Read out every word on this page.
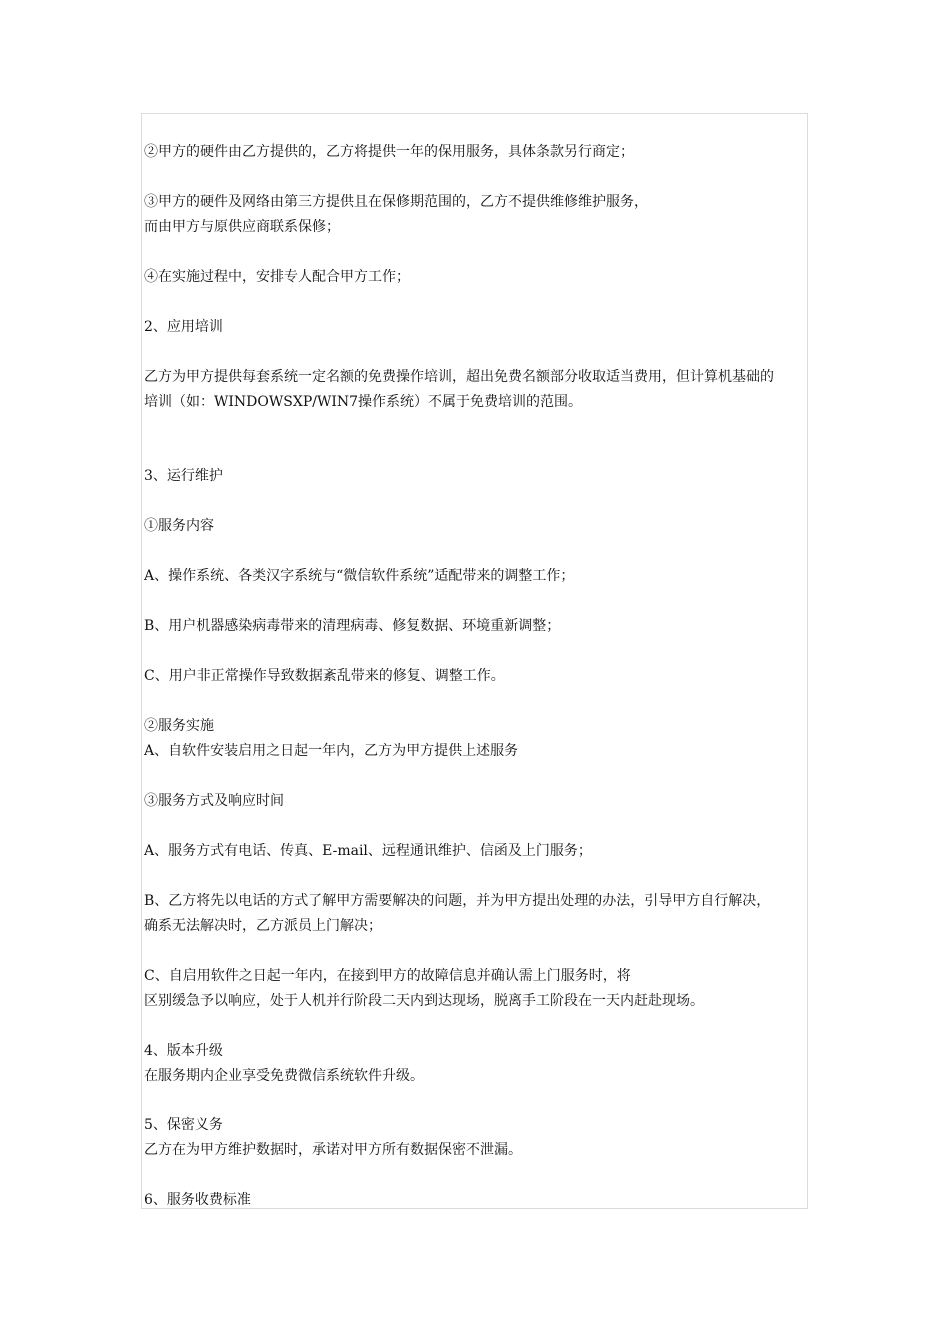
②甲方的硬件由乙方提供的，乙方将提供一年的保用服务，具体条款另行商定；
③甲方的硬件及网络由第三方提供且在保修期范围的，乙方不提供维修维护服务，
而由甲方与原供应商联系保修；
④在实施过程中，安排专人配合甲方工作；
2、应用培训
乙方为甲方提供每套系统一定名额的免费操作培训，超出免费名额部分收取适当费用，但计算机基础的
培训（如：WINDOWSXP/WIN7操作系统）不属于免费培训的范围。
3、运行维护
①服务内容
A、操作系统、各类汉字系统与“微信软件系统”适配带来的调整工作；
B、用户机器感染病毒带来的清理病毒、修复数据、环境重新调整；
C、用户非正常操作导致数据紊乱带来的修复、调整工作。
②服务实施
A、自软件安装启用之日起一年内，乙方为甲方提供上述服务
③服务方式及响应时间
A、服务方式有电话、传真、E-mail、远程通讯维护、信函及上门服务；
B、乙方将先以电话的方式了解甲方需要解决的问题，并为甲方提出处理的办法，引导甲方自行解决，
确系无法解决时，乙方派员上门解决；
C、自启用软件之日起一年内，在接到甲方的故障信息并确认需上门服务时，将
区别缓急予以响应，处于人机并行阶段二天内到达现场，脱离手工阶段在一天内赶赴现场。
4、版本升级
在服务期内企业享受免费微信系统软件升级。
5、保密义务
乙方在为甲方维护数据时，承诺对甲方所有数据保密不泄漏。
6、服务收费标准
